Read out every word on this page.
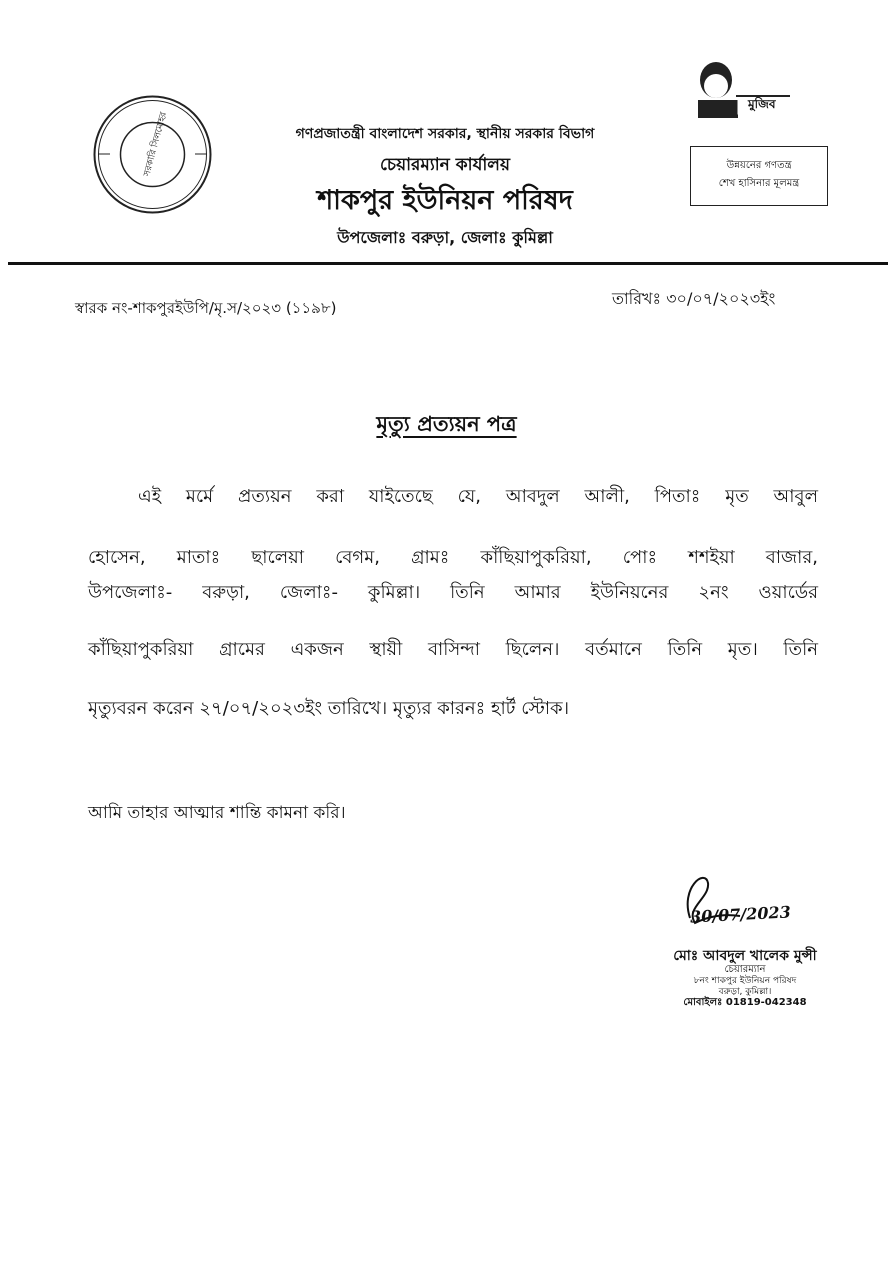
সরকারি সিলমোহর
মুজিব
গণপ্রজাতন্ত্রী বাংলাদেশ সরকার, স্থানীয় সরকার বিভাগ
চেয়ারম্যান কার্যালয়
শাকপুর ইউনিয়ন পরিষদ
উপজেলাঃ বরুড়া, জেলাঃ কুমিল্লা
উন্নয়নের গণতন্ত্র
শেখ হাসিনার মূলমন্ত্র
স্বারক নং-শাকপুরইউপি/মৃ.স/২০২৩ (১১৯৮)	তারিখঃ ৩০/০৭/২০২৩ইং
মৃত্যু প্রত্যয়ন পত্র
এই মর্মে প্রত্যয়ন করা যাইতেছে যে, আবদুল আলী, পিতাঃ মৃত আবুল
হোসেন, মাতাঃ ছালেয়া বেগম, গ্রামঃ কাঁছিয়াপুকরিয়া, পোঃ শশইয়া বাজার,
উপজেলাঃ- বরুড়া, জেলাঃ- কুমিল্লা। তিনি আমার ইউনিয়নের ২নং ওয়ার্ডের
কাঁছিয়াপুকরিয়া গ্রামের একজন স্থায়ী বাসিন্দা ছিলেন। বর্তমানে তিনি মৃত। তিনি
মৃত্যুবরন করেন ২৭/০৭/২০২৩ইং তারিখে। মৃত্যুর কারনঃ হার্ট স্টোক।
আমি তাহার আত্মার শান্তি কামনা করি।
30/07/2023
মোঃ আবদুল খালেক মুন্সী
চেয়ারম্যান
৮নং শাকপুর ইউনিয়ন পরিষদ
বরুড়া, কুমিল্লা।
মোবাইলঃ 01819-042348
